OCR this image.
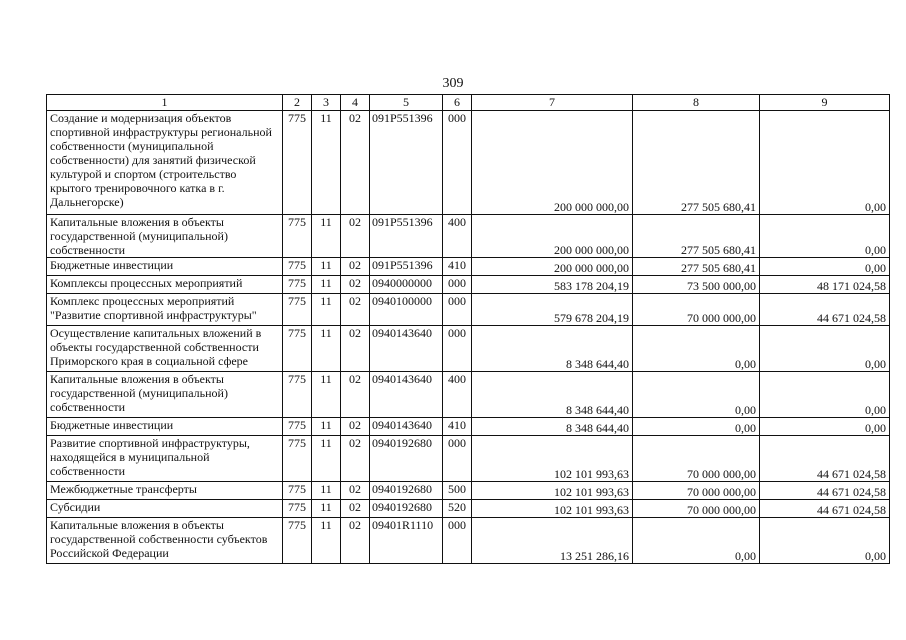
309
1	2	3	4	5	6	7	8	9
Создание и модернизация объектов спортивной инфраструктуры региональной собственности (муниципальной собственности) для занятий физической культурой и спортом (строительство крытого тренировочного катка в г. Дальнегорске)	775	11	02	091P551396	000	200 000 000,00	277 505 680,41	0,00
Капитальные вложения в объекты государственной (муниципальной) собственности	775	11	02	091P551396	400	200 000 000,00	277 505 680,41	0,00
Бюджетные инвестиции	775	11	02	091P551396	410	200 000 000,00	277 505 680,41	0,00
Комплексы процессных мероприятий	775	11	02	0940000000	000	583 178 204,19	73 500 000,00	48 171 024,58
Комплекс процессных мероприятий "Развитие спортивной инфраструктуры"	775	11	02	0940100000	000	579 678 204,19	70 000 000,00	44 671 024,58
Осуществление капитальных вложений в объекты государственной собственности Приморского края в социальной сфере	775	11	02	0940143640	000	8 348 644,40	0,00	0,00
Капитальные вложения в объекты государственной (муниципальной) собственности	775	11	02	0940143640	400	8 348 644,40	0,00	0,00
Бюджетные инвестиции	775	11	02	0940143640	410	8 348 644,40	0,00	0,00
Развитие спортивной инфраструктуры, находящейся в муниципальной собственности	775	11	02	0940192680	000	102 101 993,63	70 000 000,00	44 671 024,58
Межбюджетные трансферты	775	11	02	0940192680	500	102 101 993,63	70 000 000,00	44 671 024,58
Субсидии	775	11	02	0940192680	520	102 101 993,63	70 000 000,00	44 671 024,58
Капитальные вложения в объекты государственной собственности субъектов Российской Федерации	775	11	02	09401R1110	000	13 251 286,16	0,00	0,00
